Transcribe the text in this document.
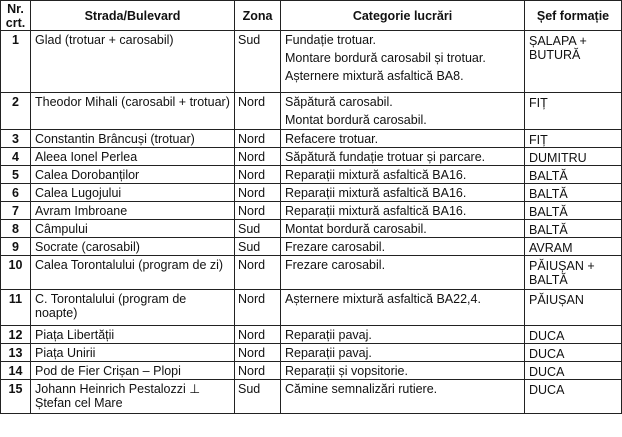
Nr. crt.	Strada/Bulevard	Zona	Categorie lucrări	Șef formație
1	Glad (trotuar + carosabil)	Sud	Fundație trotuar.
Montare bordură carosabil și trotuar.
Așternere mixtură asfaltică BA8.	ȘALAPA +
BUTURĂ

2	Theodor Mihali (carosabil + trotuar)	Nord	Săpătură carosabil.
Montat bordură carosabil.	FIȚ

3	Constantin Brâncuși (trotuar)	Nord	Refacere trotuar.	FIȚ

4	Aleea Ionel Perlea	Nord	Săpătură fundație trotuar și parcare.	DUMITRU

5	Calea Dorobanților	Nord	Reparații mixtură asfaltică BA16.	BALTĂ

6	Calea Lugojului	Nord	Reparații mixtură asfaltică BA16.	BALTĂ

7	Avram Imbroane	Nord	Reparații mixtură asfaltică BA16.	BALTĂ

8	Câmpului	Sud	Montat bordură carosabil.	BALTĂ

9	Socrate (carosabil)	Sud	Frezare carosabil.	AVRAM

10	Calea Torontalului (program de zi)	Nord	Frezare carosabil.	PĂIUȘAN +
BALTĂ

11	C. Torontalului (program de noapte)	Nord	Așternere mixtură asfaltică BA22,4.	PĂIUȘAN

12	Piața Libertății	Nord	Reparații pavaj.	DUCA

13	Piața Unirii	Nord	Reparații pavaj.	DUCA

14	Pod de Fier Crișan – Plopi	Nord	Reparații și vopsitorie.	DUCA

15	Johann Heinrich Pestalozzi ⊥ Ștefan cel Mare	Sud	Cămine semnalizări rutiere.	DUCA
